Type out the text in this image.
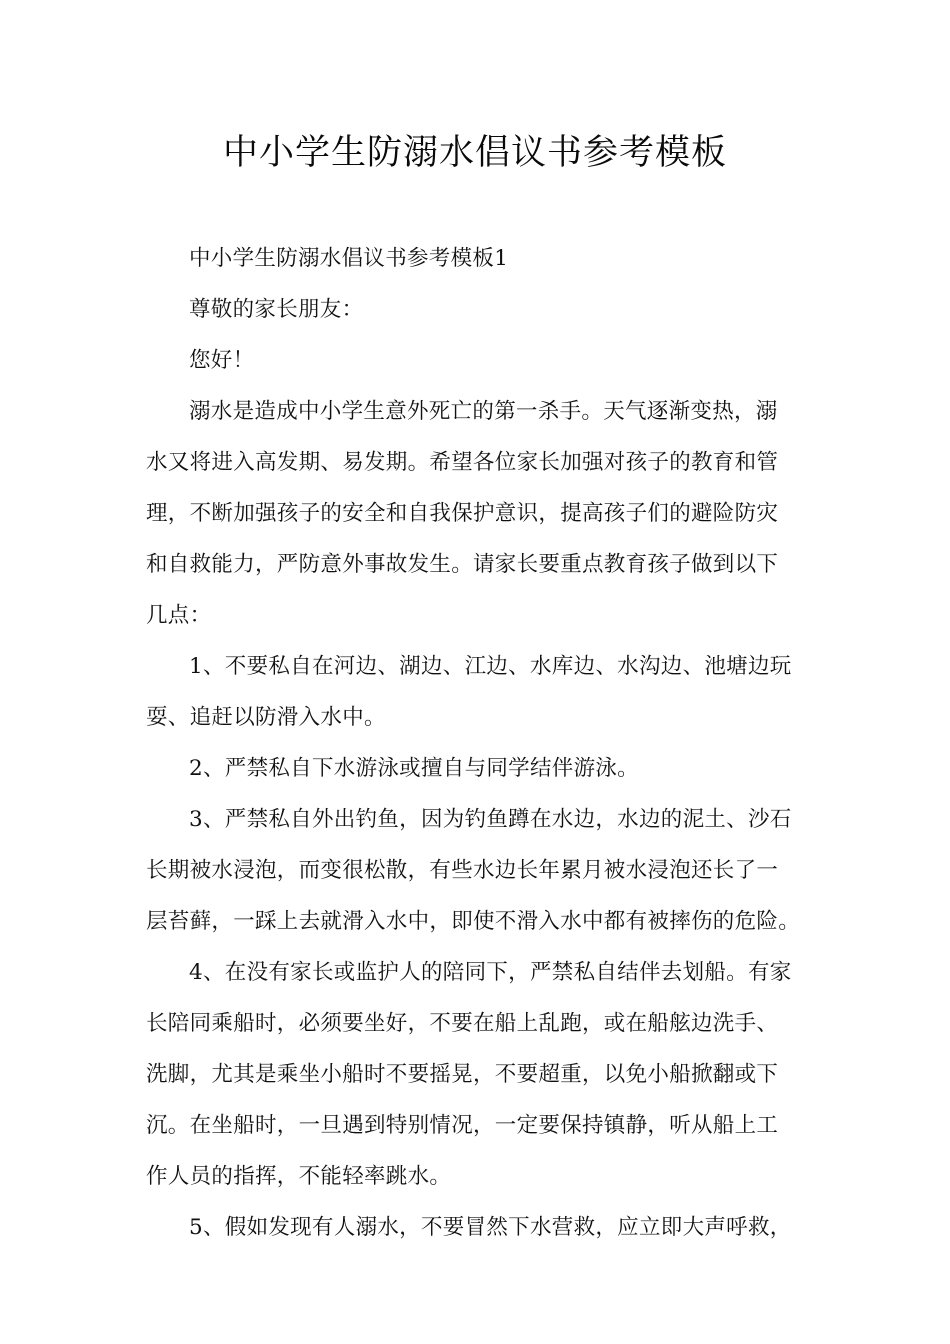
中小学生防溺水倡议书参考模板

中小学生防溺水倡议书参考模板1

尊敬的家长朋友：

您好！

溺水是造成中小学生意外死亡的第一杀手。天气逐渐变热，溺
水又将进入高发期、易发期。希望各位家长加强对孩子的教育和管
理，不断加强孩子的安全和自我保护意识，提高孩子们的避险防灾
和自救能力，严防意外事故发生。请家长要重点教育孩子做到以下
几点：

1、不要私自在河边、湖边、江边、水库边、水沟边、池塘边玩
耍、追赶以防滑入水中。

2、严禁私自下水游泳或擅自与同学结伴游泳。

3、严禁私自外出钓鱼，因为钓鱼蹲在水边，水边的泥土、沙石
长期被水浸泡，而变很松散，有些水边长年累月被水浸泡还长了一
层苔藓，一踩上去就滑入水中，即使不滑入水中都有被摔伤的危险。

4、在没有家长或监护人的陪同下，严禁私自结伴去划船。有家
长陪同乘船时，必须要坐好，不要在船上乱跑，或在船舷边洗手、
洗脚，尤其是乘坐小船时不要摇晃，不要超重，以免小船掀翻或下
沉。在坐船时，一旦遇到特别情况，一定要保持镇静，听从船上工
作人员的指挥，不能轻率跳水。

5、假如发现有人溺水，不要冒然下水营救，应立即大声呼救，
